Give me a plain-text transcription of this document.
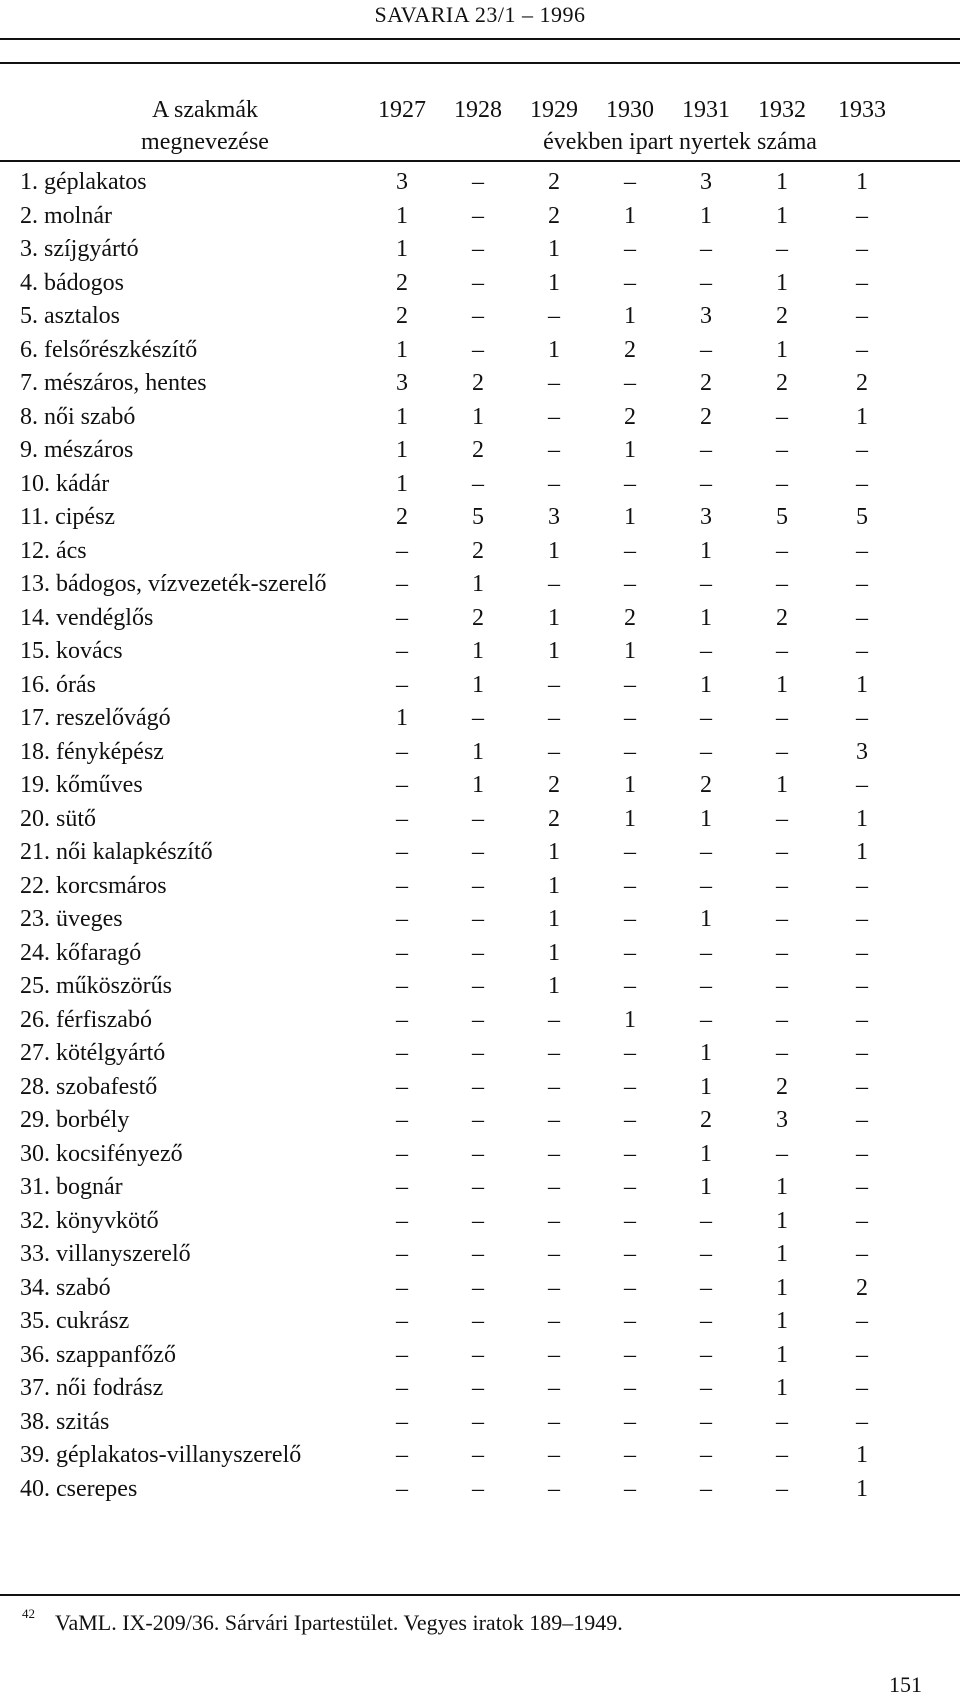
SAVARIA 23/1 – 1996
A szakmák
megnevezése
1927	1928	1929	1930	1931	1932	1933
években ipart nyertek száma
1. géplakatos	3	–	2	–	3	1	1
2. molnár	1	–	2	1	1	1	–
3. szíjgyártó	1	–	1	–	–	–	–
4. bádogos	2	–	1	–	–	1	–
5. asztalos	2	–	–	1	3	2	–
6. felsőrészkészítő	1	–	1	2	–	1	–
7. mészáros, hentes	3	2	–	–	2	2	2
8. női szabó	1	1	–	2	2	–	1
9. mészáros	1	2	–	1	–	–	–
10. kádár	1	–	–	–	–	–	–
11. cipész	2	5	3	1	3	5	5
12. ács	–	2	1	–	1	–	–
13. bádogos, vízvezeték-szerelő	–	1	–	–	–	–	–
14. vendéglős	–	2	1	2	1	2	–
15. kovács	–	1	1	1	–	–	–
16. órás	–	1	–	–	1	1	1
17. reszelővágó	1	–	–	–	–	–	–
18. fényképész	–	1	–	–	–	–	3
19. kőműves	–	1	2	1	2	1	–
20. sütő	–	–	2	1	1	–	1
21. női kalapkészítő	–	–	1	–	–	–	1
22. korcsmáros	–	–	1	–	–	–	–
23. üveges	–	–	1	–	1	–	–
24. kőfaragó	–	–	1	–	–	–	–
25. műköszörűs	–	–	1	–	–	–	–
26. férfiszabó	–	–	–	1	–	–	–
27. kötélgyártó	–	–	–	–	1	–	–
28. szobafestő	–	–	–	–	1	2	–
29. borbély	–	–	–	–	2	3	–
30. kocsifényező	–	–	–	–	1	–	–
31. bognár	–	–	–	–	1	1	–
32. könyvkötő	–	–	–	–	–	1	–
33. villanyszerelő	–	–	–	–	–	1	–
34. szabó	–	–	–	–	–	1	2
35. cukrász	–	–	–	–	–	1	–
36. szappanfőző	–	–	–	–	–	1	–
37. női fodrász	–	–	–	–	–	1	–
38. szitás	–	–	–	–	–	–	–
39. géplakatos-villanyszerelő	–	–	–	–	–	–	1
40. cserepes	–	–	–	–	–	–	1
$^{42}$ VaML. IX-209/36. Sárvári Ipartestület. Vegyes iratok 189–1949.
151
